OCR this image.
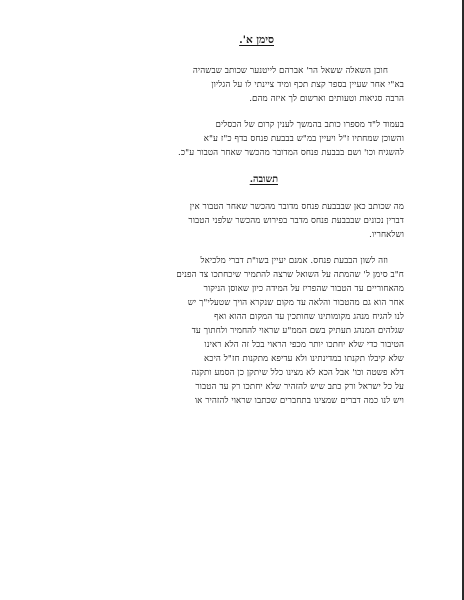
סימן א'.
חוכן השאלה ששאל הר' אברהם לייטנער שכותב שבשהיה
בא"י אחר שעיין בספר קצת תכף ומיד ציינתי לו על הגליון
הרבה סגיאות וטעותים וארשום לך איזה מהם.
בעמוד ל"ד מספרו כותב בהמשך לענין קרום של הכסלים
והשוכן שמחתיו ז"ל ויעיין במ"ש בבבעת פנחס בדף כ"ז ע"א
להשגיח וכו' ושם בבבעת פנחס המדובר מהכשר שאחר הטבור ע"כ.
תשובה.
מה שכותב כאן שבבבעת פנחס מדובר מהכשר שאחר הטבור אין
דברין נכונים שבבבעת פנחס מדבר בפירוש מהכשר שלפני הטבור
ושלאחריו.
וזה לשון הבבעת פנחס. אמנם יעיין בשו"ת דברי מלכיאל
ח"ב סימן ל' שהמתה על השואל שרצה להתמיר שיכחתכו צד הפנים
מהאחוריים עד הטבור שהפריז על המידה כיון שאוסן הניקור
אחר הוא גם מהטבור והלאה עד מקום שנקרא הויך שטעלי"ך יש
לנו להגיח מנהג מקומותינו שחותכין עד המקום ההוא ואף
שגלהים המנהג תעתיק בשם הממ"ע שראוי להחמיר ולחתוך עד
הטיבור כדי שלא יחתכו יותר מכפי הראוי בכל זה הלא ראינו
שלא קיבלו תקנתו במדינתינו ולא עדיפא מתקנות חז"ל היכא
דלא פשטה וכו' אבל הכא לא מצינו כלל שיתקן כן הסמע ותקנה
על כל ישראל ורק כתב שיש להזהיר שלא יחתכו רק עד הטבור
ויש לנו כמה דברים שמצינו בתחברים שכתבו שראוי להזהיר או
